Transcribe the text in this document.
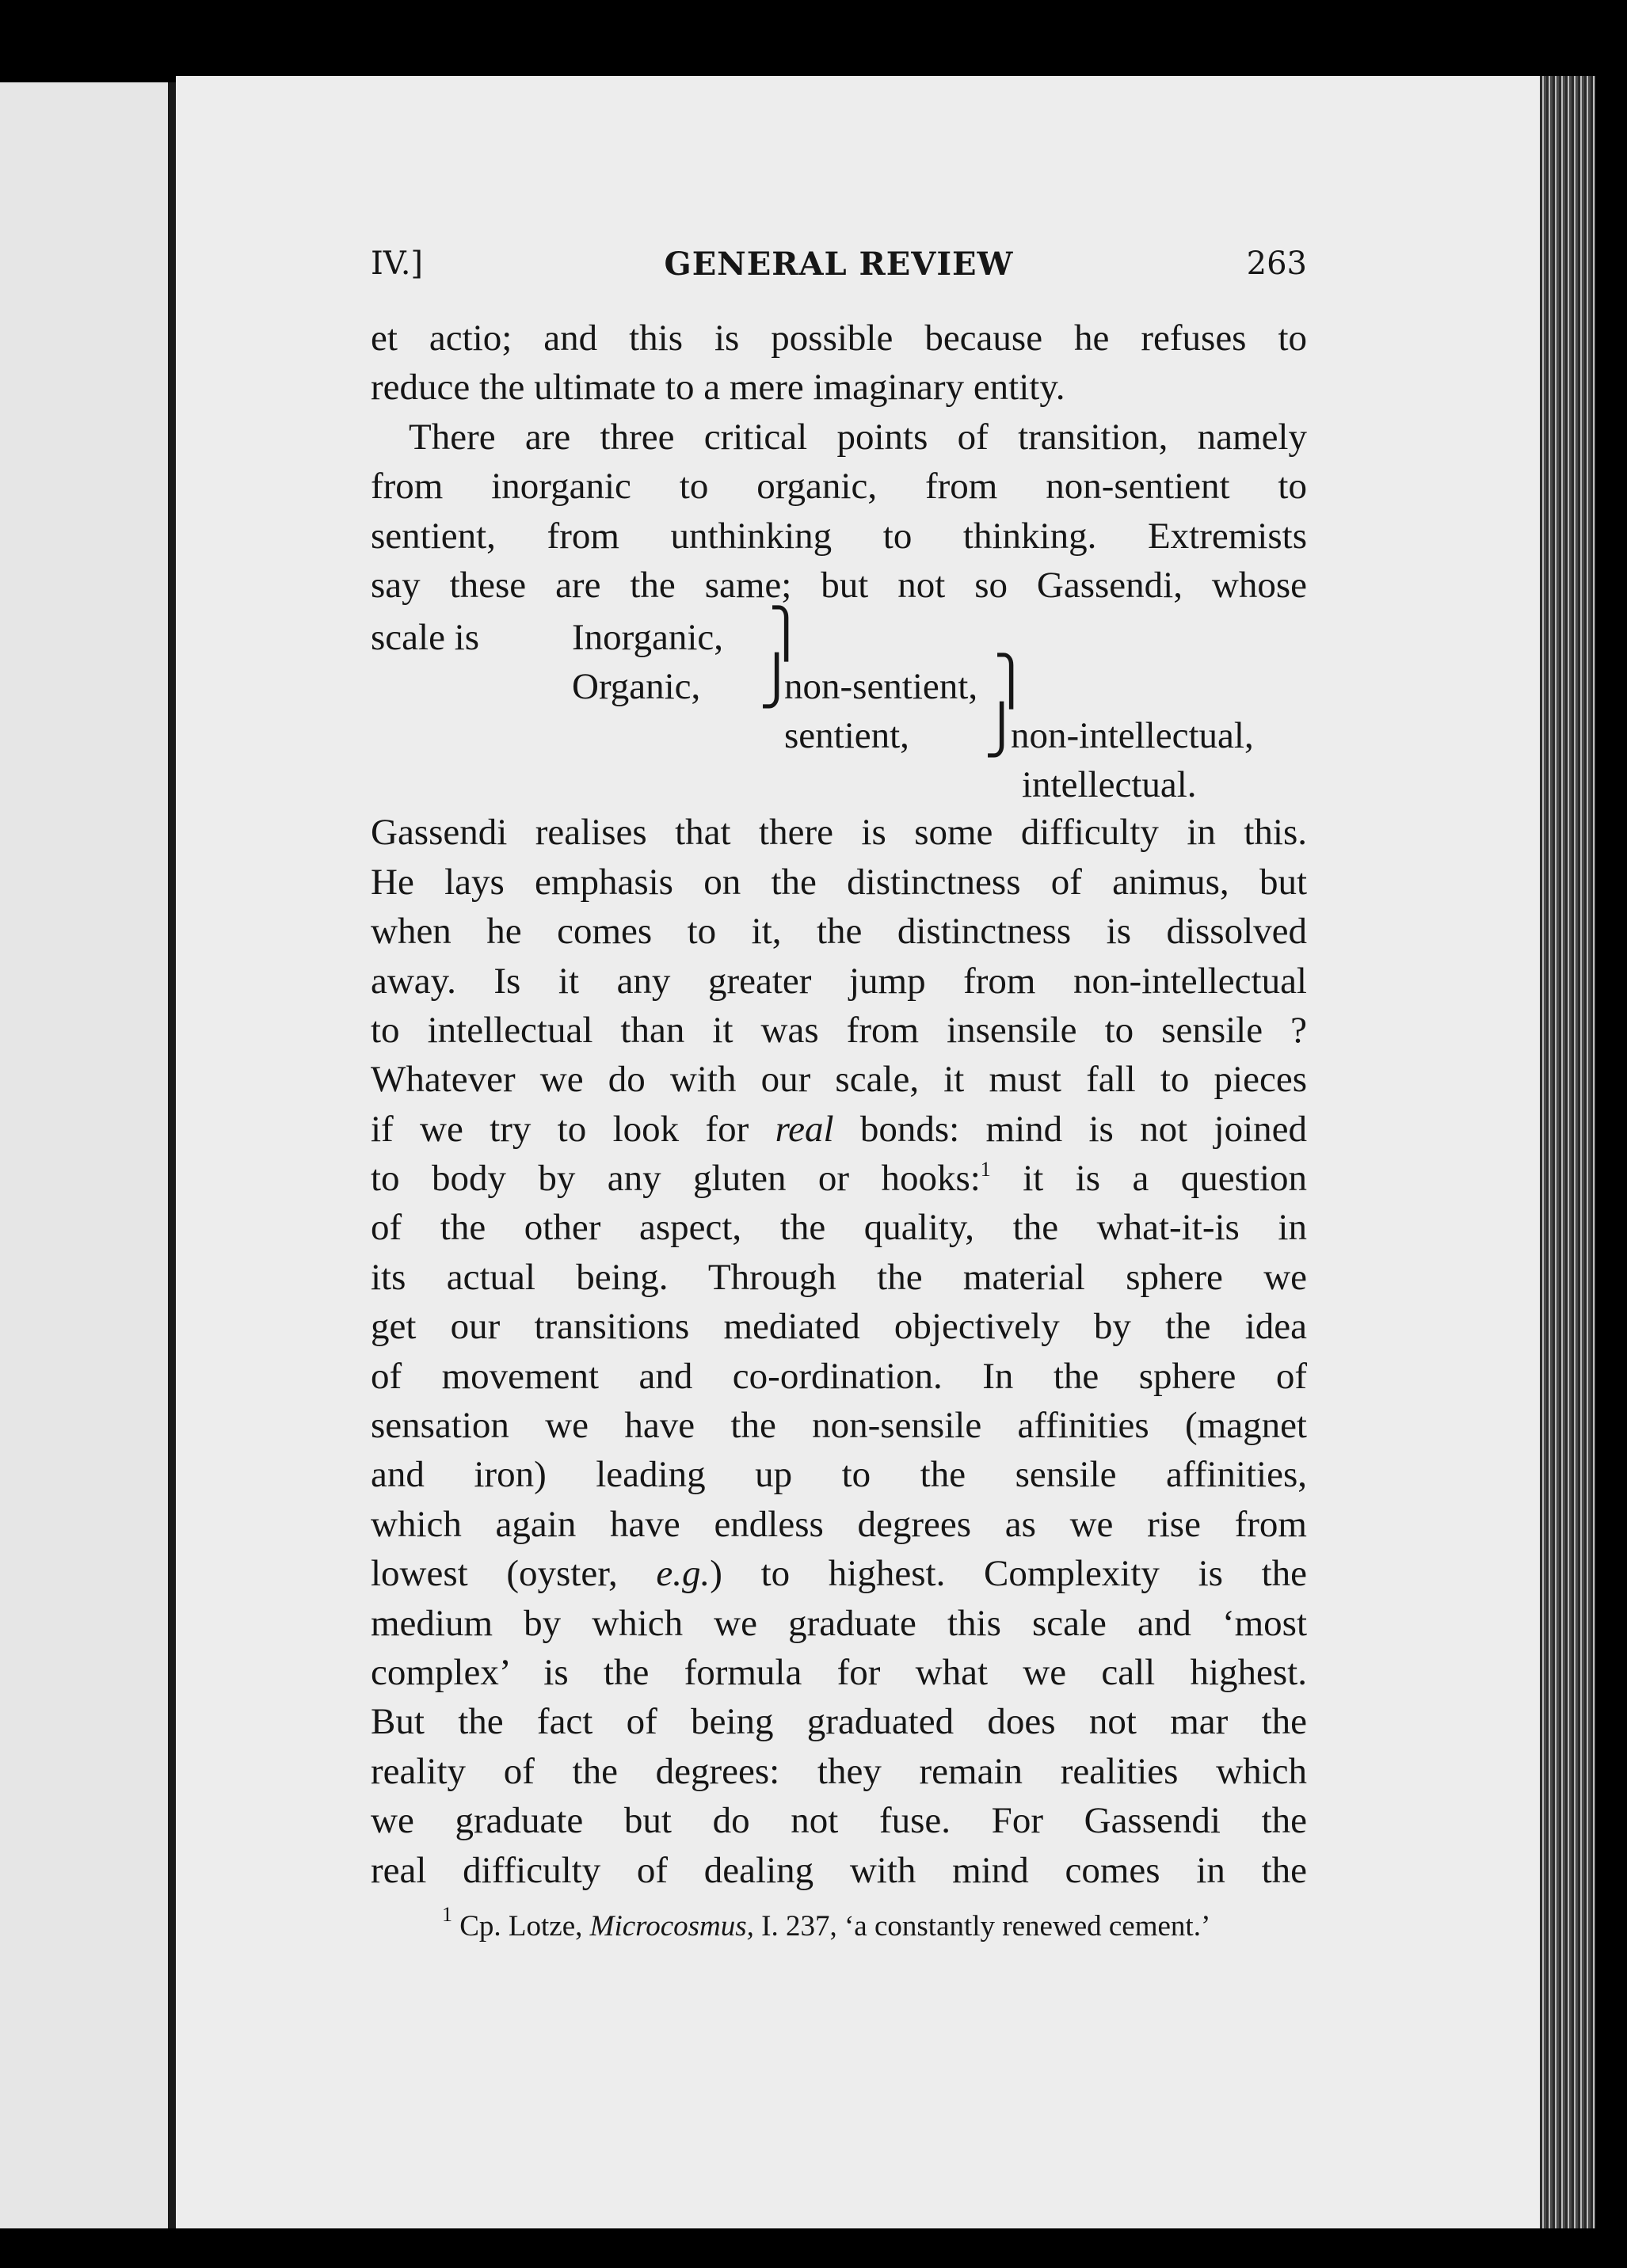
IV.]	GENERAL REVIEW	263
et actio; and this is possible because he refuses to
reduce the ultimate to a mere imaginary entity.
There are three critical points of transition, namely
from inorganic to organic, from non-sentient to
sentient, from unthinking to thinking. Extremists
say these are the same; but not so Gassendi, whose
scale is Inorganic, ⎫
Organic, ⎭
non-sentient, ⎫
sentient, ⎭
non-intellectual,
intellectual.
Gassendi realises that there is some difficulty in this.
He lays emphasis on the distinctness of animus, but
when he comes to it, the distinctness is dissolved
away. Is it any greater jump from non-intellectual
to intellectual than it was from insensile to sensile ?
Whatever we do with our scale, it must fall to pieces
if we try to look for real bonds: mind is not joined
to body by any gluten or hooks:$^1$ it is a question
of the other aspect, the quality, the what-it-is in
its actual being. Through the material sphere we
get our transitions mediated objectively by the idea
of movement and co-ordination. In the sphere of
sensation we have the non-sensile affinities (magnet
and iron) leading up to the sensile affinities,
which again have endless degrees as we rise from
lowest (oyster, e.g.) to highest. Complexity is the
medium by which we graduate this scale and ‘most
complex’ is the formula for what we call highest.
But the fact of being graduated does not mar the
reality of the degrees: they remain realities which
we graduate but do not fuse. For Gassendi the
real difficulty of dealing with mind comes in the
$^1$ Cp. Lotze, Microcosmus, I. 237, ‘a constantly renewed cement.’
